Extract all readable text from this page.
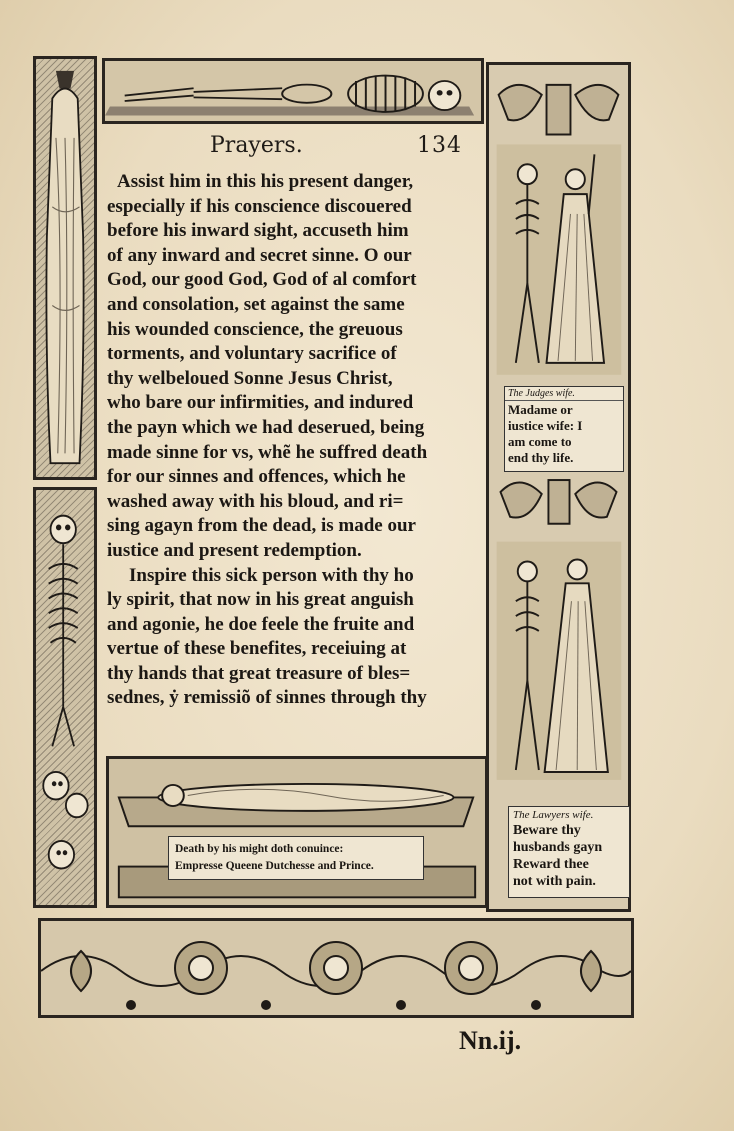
The Judges wife.
Madame or
iustice wife: I
am come to
end thy life.
The Lawyers wife.
Beware thy
husbands gayn
Reward thee
not with pain.
Death by his might doth conuince:
Empresse Queene Dutchesse and Prince.
Prayers.	134
Assist him in this his present danger,
especially if his conscience discouered
before his inward sight, accuseth him
of any inward and secret sinne. O our
God, our good God, God of al comfort
and consolation, set against the same
his wounded conscience, the greuous
torments, and voluntary sacrifice of
thy welbeloued Sonne Jesus Christ,
who bare our infirmities, and indured
the payn which we had deserued, being
made sinne for vs, whẽ he suffred death
for our sinnes and offences, which he
washed away with his bloud, and ri=
sing agayn from the dead, is made our
iustice and present redemption.
Inspire this sick person with thy ho
ly spirit, that now in his great anguish
and agonie, he doe feele the fruite and
vertue of these benefites, receiuing at
thy hands that great treasure of bles=
sednes, ẏ remissiõ of sinnes through thy
Nn.ij.
